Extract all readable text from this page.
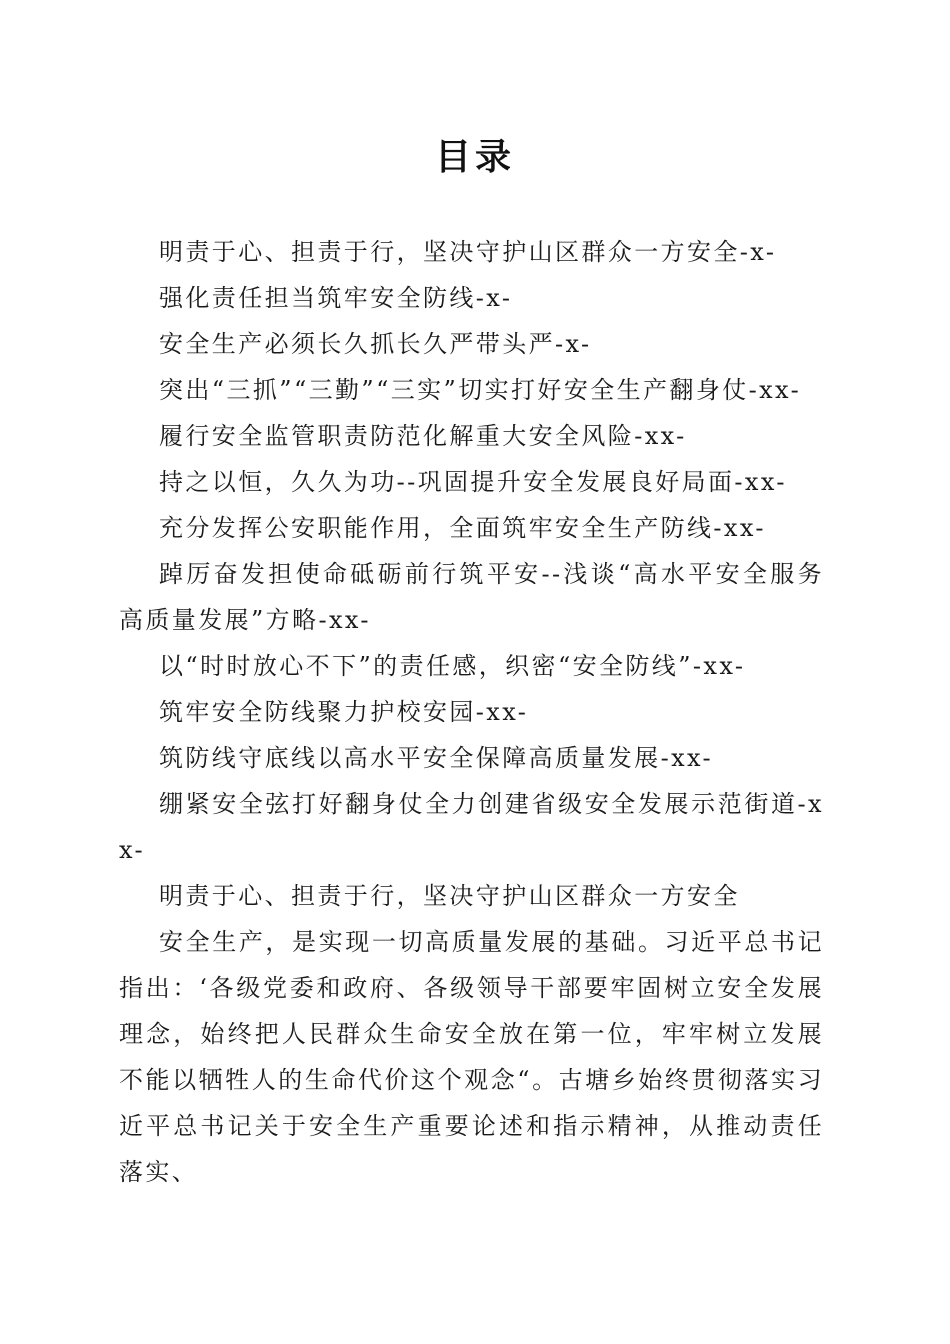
目录

明责于心、担责于行，坚决守护山区群众一方安全-x-

强化责任担当筑牢安全防线-x-

安全生产必须长久抓长久严带头严-x-

突出“三抓”“三勤”“三实”切实打好安全生产翻身仗-xx-

履行安全监管职责防范化解重大安全风险-xx-

持之以恒，久久为功--巩固提升安全发展良好局面-xx-

充分发挥公安职能作用，全面筑牢安全生产防线-xx-

踔厉奋发担使命砥砺前行筑平安--浅谈“高水平安全服务高质量发展”方略-xx-

以“时时放心不下”的责任感，织密“安全防线”-xx-

筑牢安全防线聚力护校安园-xx-

筑防线守底线以高水平安全保障高质量发展-xx-

绷紧安全弦打好翻身仗全力创建省级安全发展示范街道-xx-

明责于心、担责于行，坚决守护山区群众一方安全

安全生产，是实现一切高质量发展的基础。习近平总书记指出：‘各级党委和政府、各级领导干部要牢固树立安全发展理念，始终把人民群众生命安全放在第一位，牢牢树立发展不能以牺牲人的生命代价这个观念“。古塘乡始终贯彻落实习近平总书记关于安全生产重要论述和指示精神，从推动责任落实、
